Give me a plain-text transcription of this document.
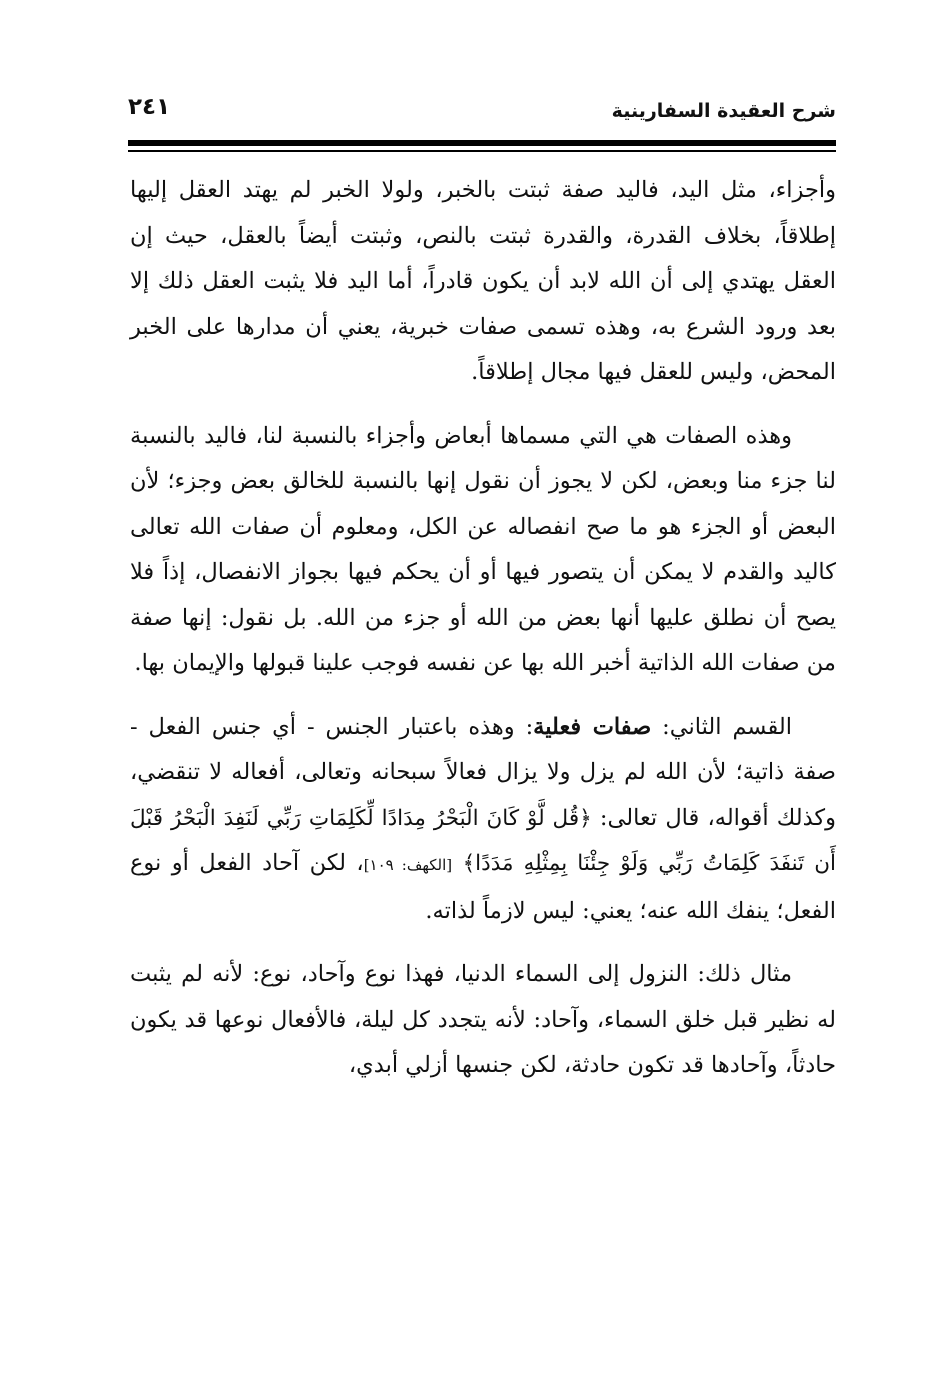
شرح العقيدة السفارينية
٢٤١

وأجزاء، مثل اليد، فاليد صفة ثبتت بالخبر، ولولا الخبر لم يهتد العقل إليها إطلاقاً، بخلاف القدرة، والقدرة ثبتت بالنص، وثبتت أيضاً بالعقل، حيث إن العقل يهتدي إلى أن الله لابد أن يكون قادراً، أما اليد فلا يثبت العقل ذلك إلا بعد ورود الشرع به، وهذه تسمى صفات خبرية، يعني أن مدارها على الخبر المحض، وليس للعقل فيها مجال إطلاقاً.

وهذه الصفات هي التي مسماها أبعاض وأجزاء بالنسبة لنا، فاليد بالنسبة لنا جزء منا وبعض، لكن لا يجوز أن نقول إنها بالنسبة للخالق بعض وجزء؛ لأن البعض أو الجزء هو ما صح انفصاله عن الكل، ومعلوم أن صفات الله تعالى كاليد والقدم لا يمكن أن يتصور فيها أو أن يحكم فيها بجواز الانفصال، إذاً فلا يصح أن نطلق عليها أنها بعض من الله أو جزء من الله. بل نقول: إنها صفة من صفات الله الذاتية أخبر الله بها عن نفسه فوجب علينا قبولها والإيمان بها.

القسم الثاني: صفات فعلية: وهذه باعتبار الجنس - أي جنس الفعل - صفة ذاتية؛ لأن الله لم يزل ولا يزال فعالاً سبحانه وتعالى، أفعاله لا تنقضي، وكذلك أقواله، قال تعالى: ﴿قُل لَّوْ كَانَ الْبَحْرُ مِدَادًا لِّكَلِمَاتِ رَبِّي لَنَفِدَ الْبَحْرُ قَبْلَ أَن تَنفَدَ كَلِمَاتُ رَبِّي وَلَوْ جِئْنَا بِمِثْلِهِ مَدَدًا﴾ [الكهف: ١٠٩]، لكن آحاد الفعل أو نوع الفعل؛ ينفك الله عنه؛ يعني: ليس لازماً لذاته.

مثال ذلك: النزول إلى السماء الدنيا، فهذا نوع وآحاد، نوع: لأنه لم يثبت له نظير قبل خلق السماء، وآحاد: لأنه يتجدد كل ليلة، فالأفعال نوعها قد يكون حادثاً، وآحادها قد تكون حادثة، لكن جنسها أزلي أبدي،
